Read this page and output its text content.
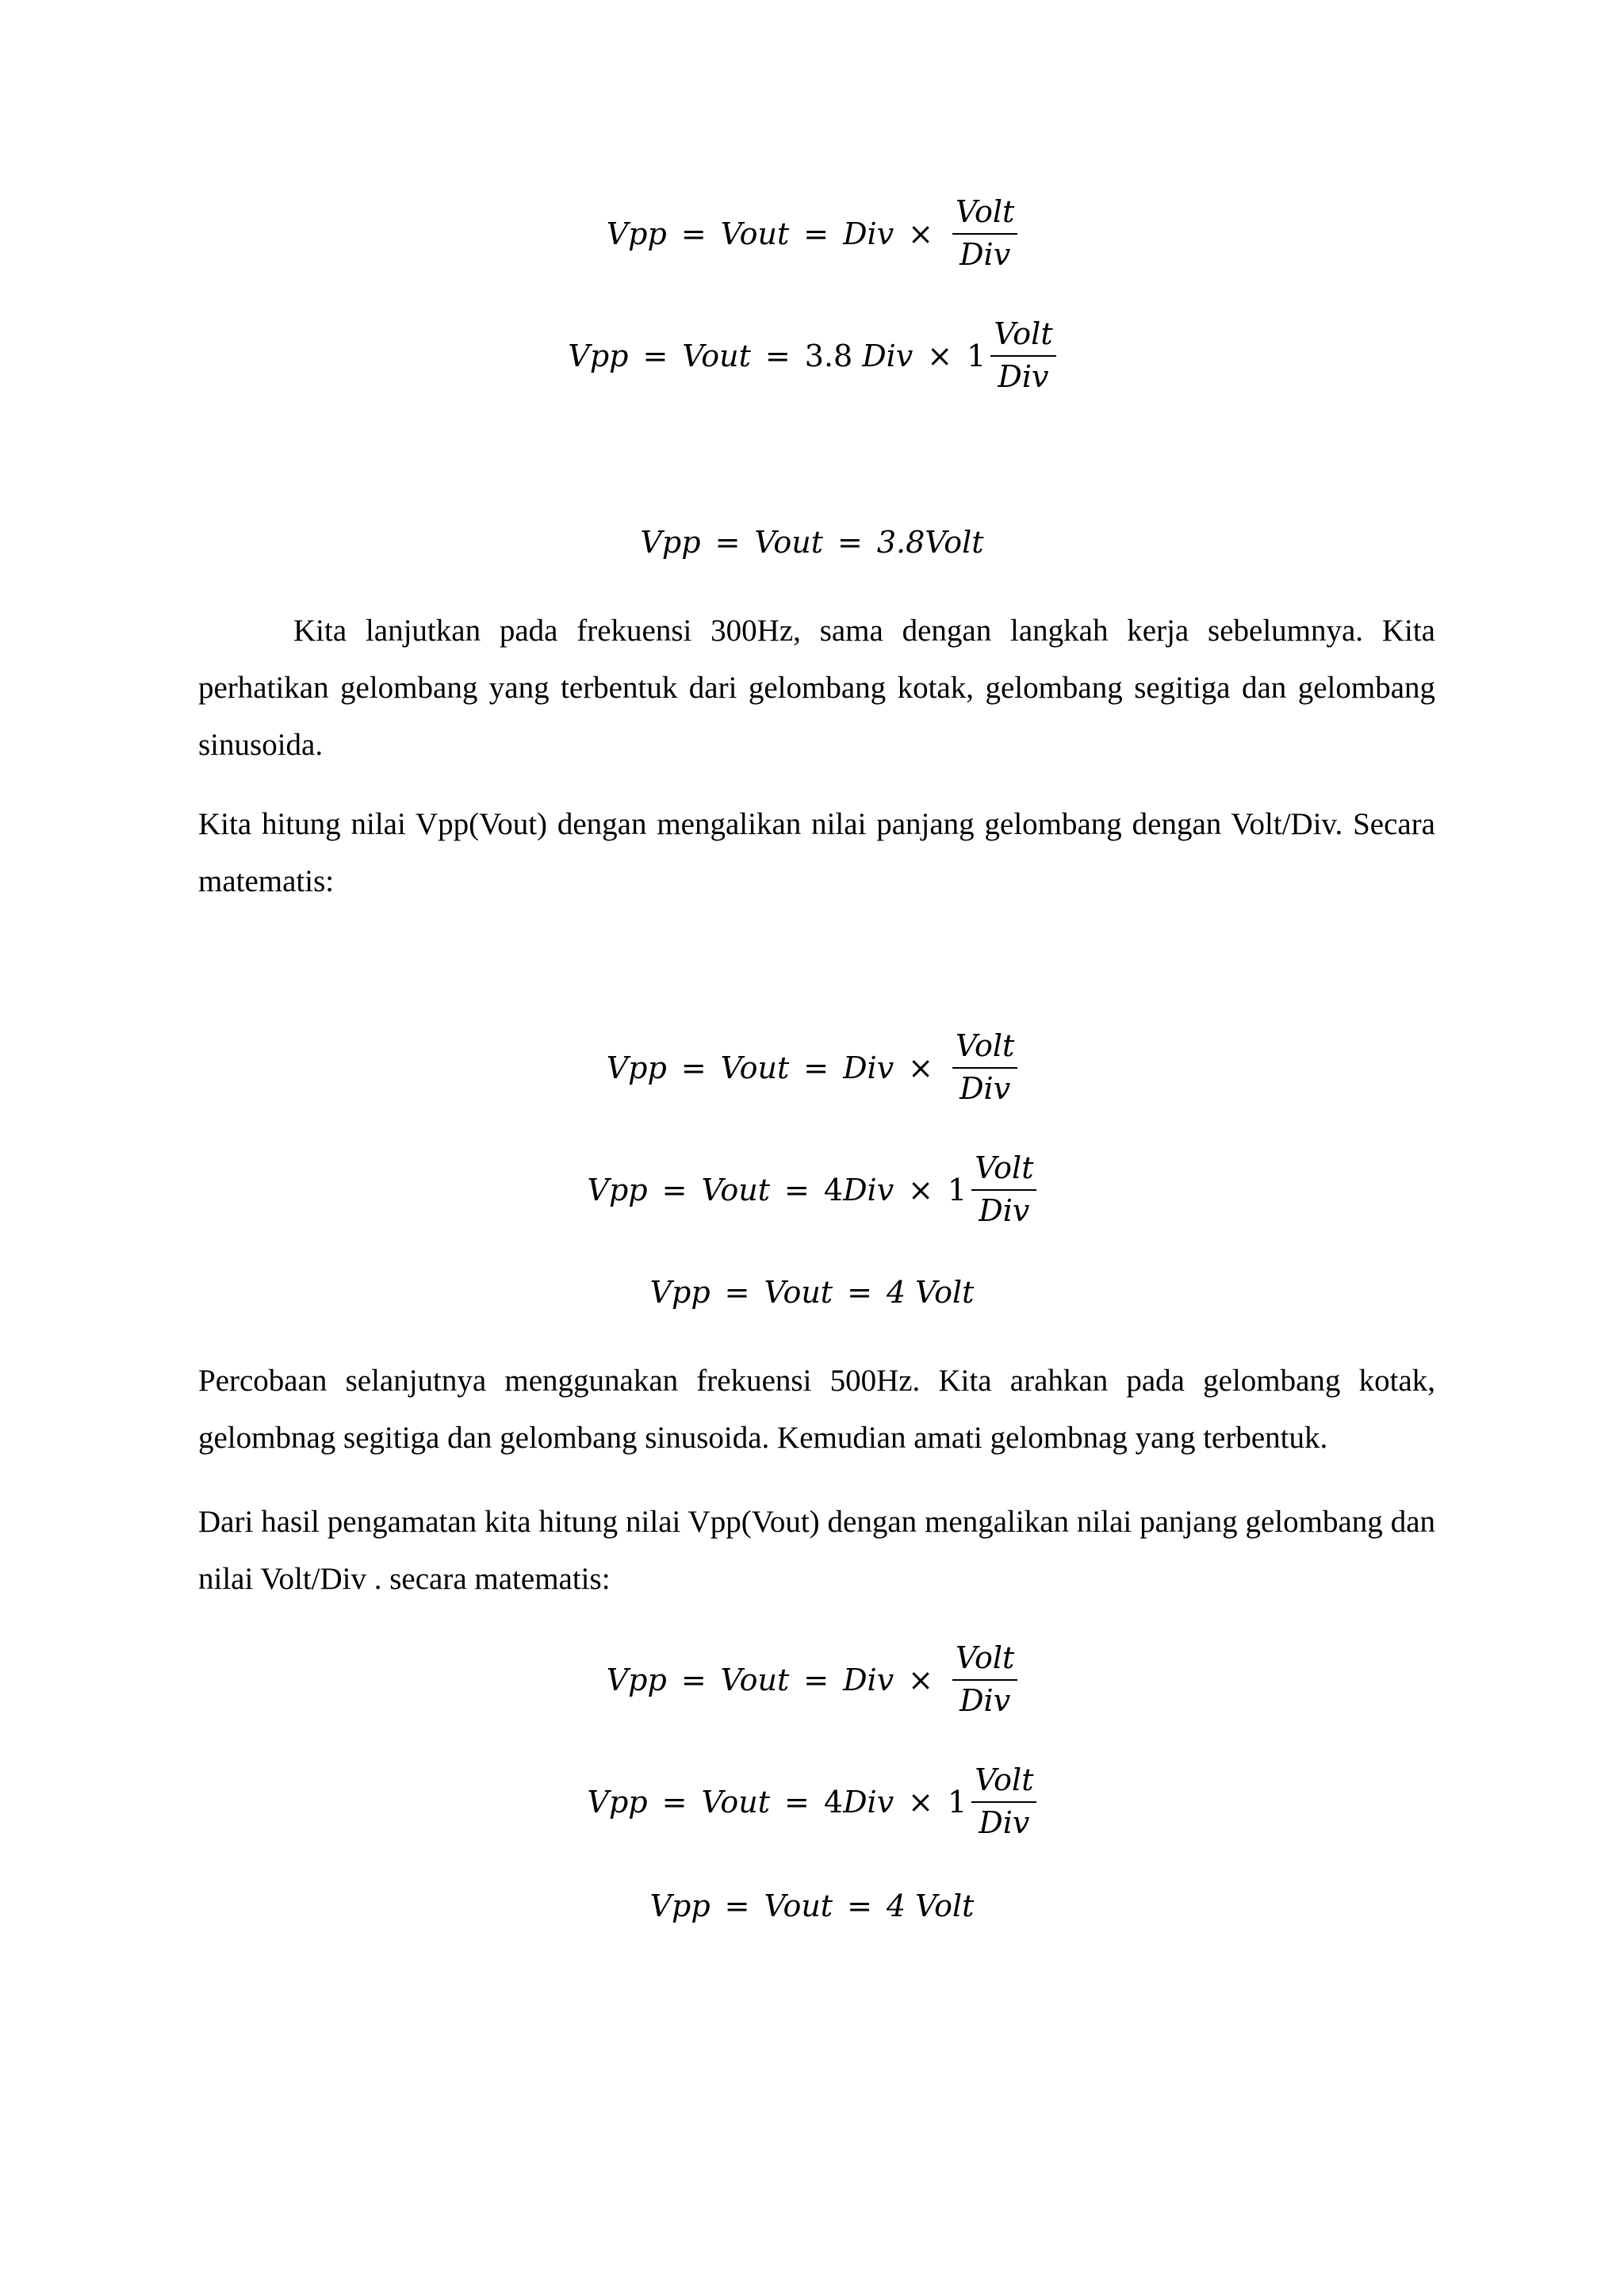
Vpp = Vout = Div × $\frac{\text{Volt}}{\text{Div}}$
Vpp = Vout = 3.8 Div × $1 \frac{\text{Volt}}{\text{Div}}$
Vpp = Vout = 3.8Volt

Kita lanjutkan pada frekuensi 300Hz, sama dengan langkah kerja sebelumnya. Kita perhatikan gelombang yang terbentuk dari gelombang kotak, gelombang segitiga dan gelombang sinusoida.

Kita hitung nilai Vpp(Vout) dengan mengalikan nilai panjang gelombang dengan Volt/Div. Secara matematis:

Vpp = Vout = Div × $\frac{\text{Volt}}{\text{Div}}$
Vpp = Vout = 4 Div × $1 \frac{\text{Volt}}{\text{Div}}$
Vpp = Vout = 4 Volt

Percobaan selanjutnya menggunakan frekuensi 500Hz. Kita arahkan pada gelombang kotak, gelombnag segitiga dan gelombang sinusoida. Kemudian amati gelombnag yang terbentuk.

Dari hasil pengamatan kita hitung nilai Vpp(Vout) dengan mengalikan nilai panjang gelombang dan nilai Volt/Div . secara matematis:

Vpp = Vout = Div × $\frac{\text{Volt}}{\text{Div}}$
Vpp = Vout = 4 Div × $1 \frac{\text{Volt}}{\text{Div}}$
Vpp = Vout = 4 Volt
